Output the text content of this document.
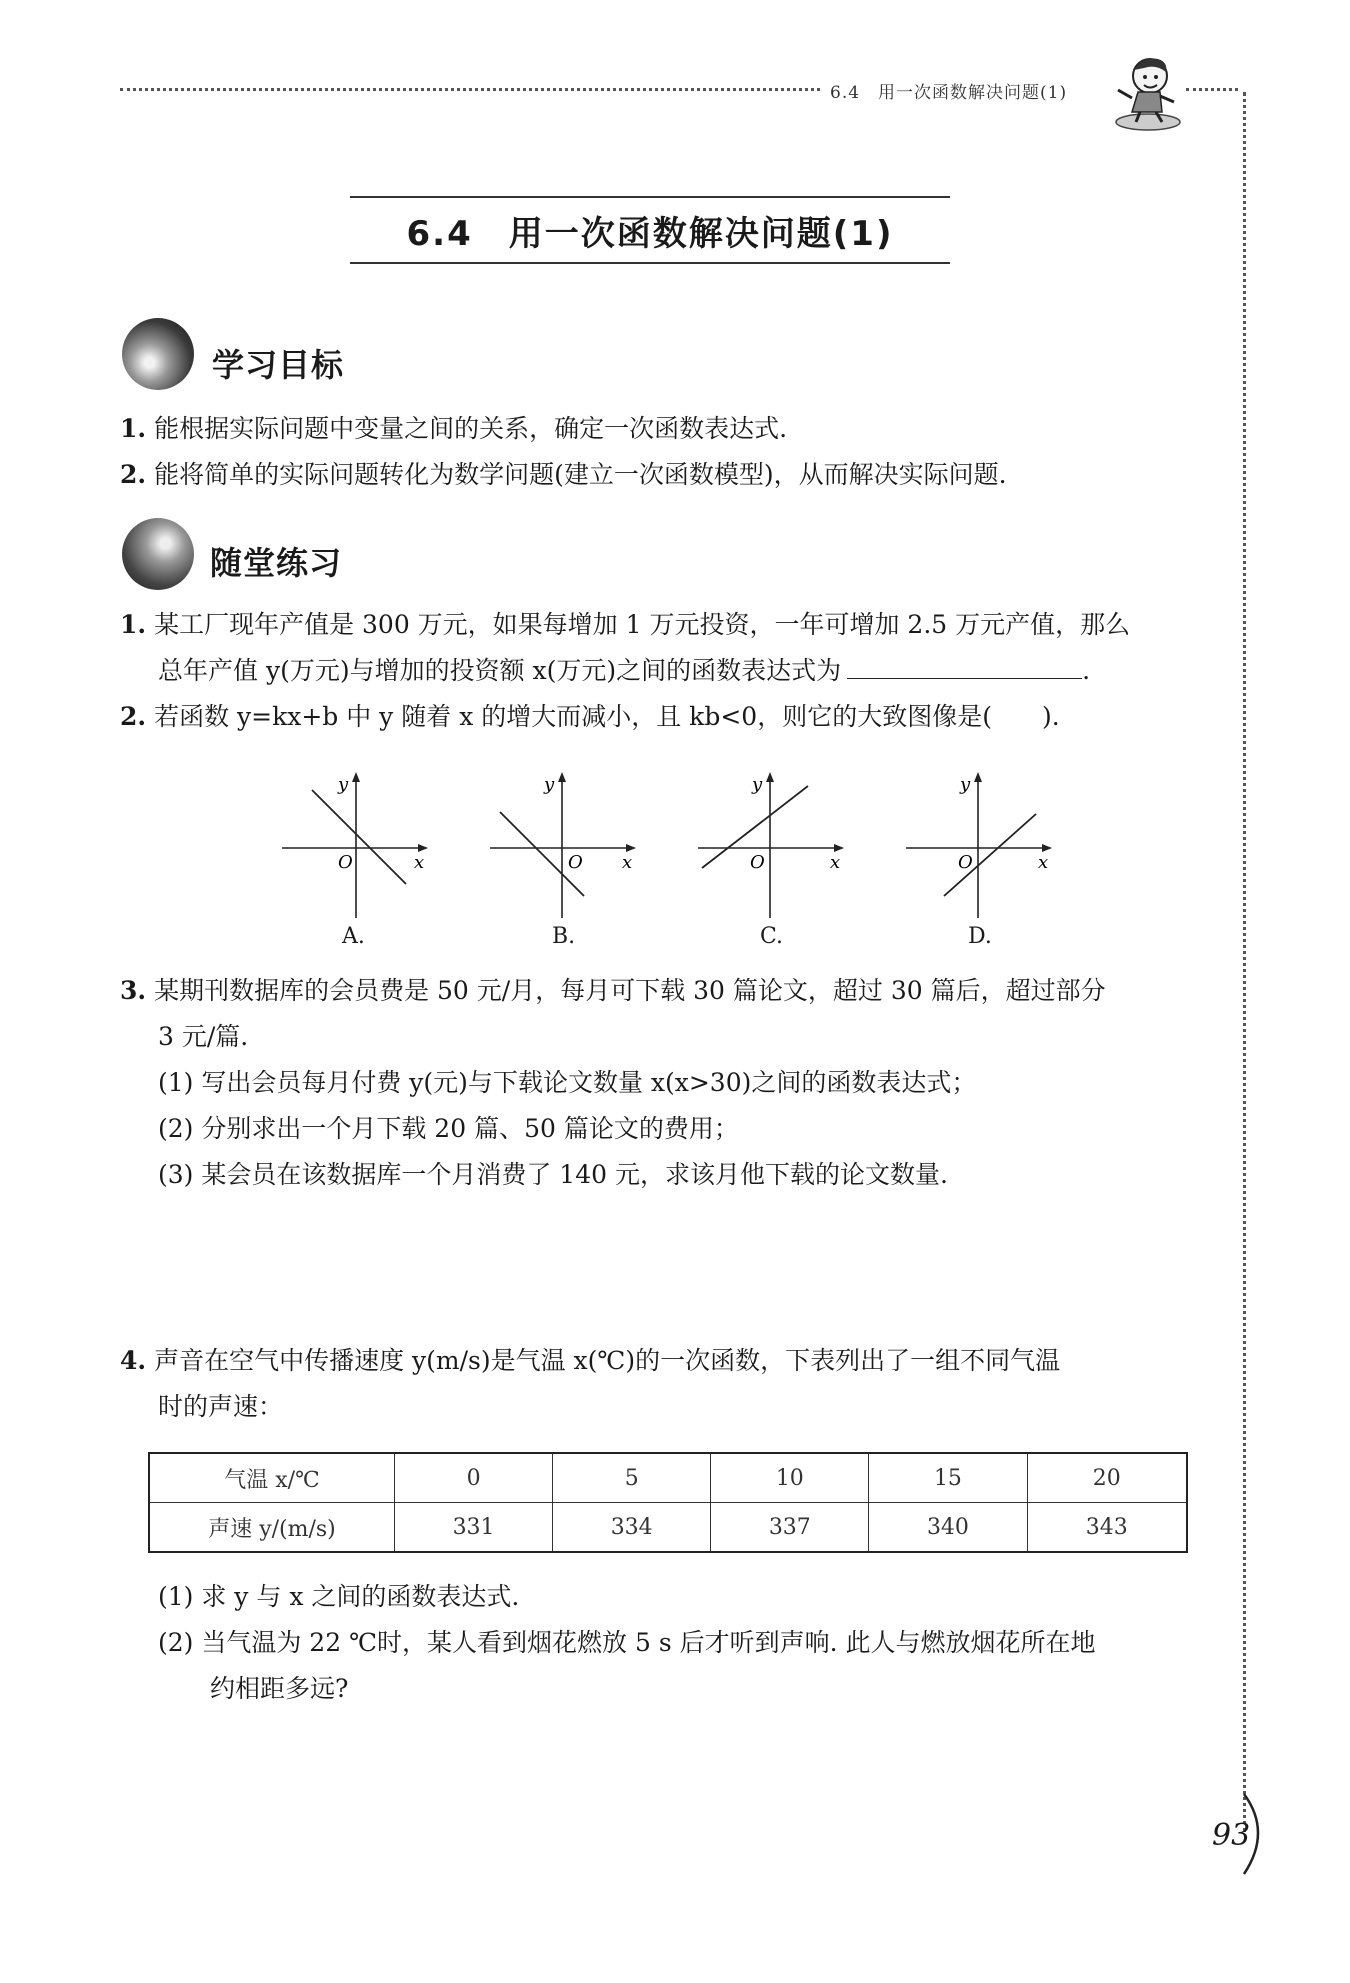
6.4　用一次函数解决问题(1)
93
6.4　用一次函数解决问题(1)
学习目标
1. 能根据实际问题中变量之间的关系，确定一次函数表达式.
2. 能将简单的实际问题转化为数学问题(建立一次函数模型)，从而解决实际问题.
随堂练习
1. 某工厂现年产值是 300 万元，如果每增加 1 万元投资，一年可增加 2.5 万元产值，那么
总年产值 y(万元)与增加的投资额 x(万元)之间的函数表达式为	.
2. 若函数 y=kx+b 中 y 随着 x 的增大而减小，且 kb<0，则它的大致图像是(　　).
y
x
O
y
x
O
y
x
O
y
x
O
A.	B.	C.	D.
3. 某期刊数据库的会员费是 50 元/月，每月可下载 30 篇论文，超过 30 篇后，超过部分
3 元/篇.
(1) 写出会员每月付费 y(元)与下载论文数量 x(x>30)之间的函数表达式；
(2) 分别求出一个月下载 20 篇、50 篇论文的费用；
(3) 某会员在该数据库一个月消费了 140 元，求该月他下载的论文数量.
4. 声音在空气中传播速度 y(m/s)是气温 x(℃)的一次函数，下表列出了一组不同气温
时的声速：
气温 x/℃	0	5	10	15	20
声速 y/(m/s)	331	334	337	340	343
(1) 求 y 与 x 之间的函数表达式.
(2) 当气温为 22 ℃时，某人看到烟花燃放 5 s 后才听到声响. 此人与燃放烟花所在地
约相距多远?
